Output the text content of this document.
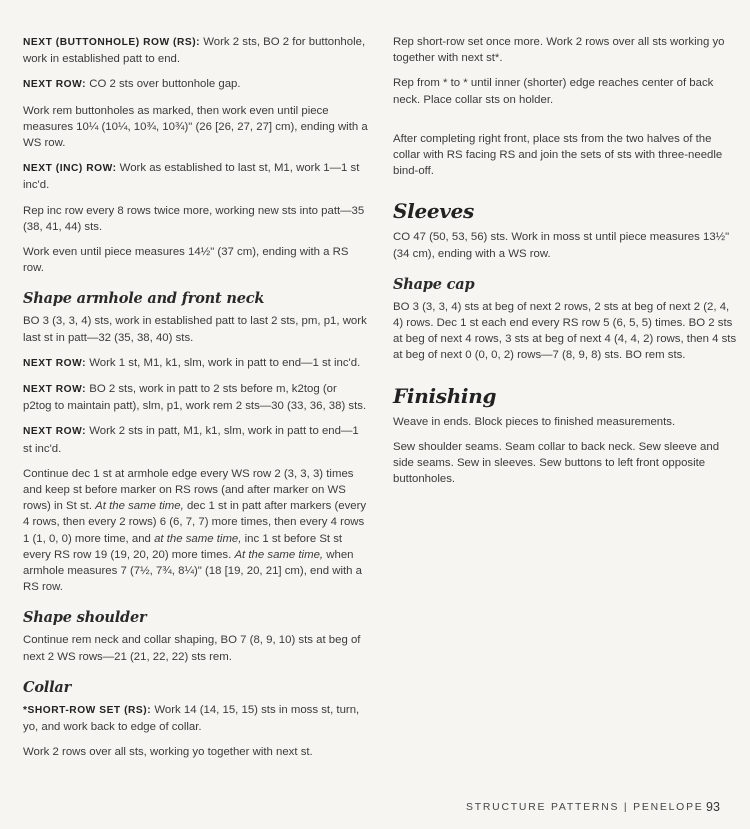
NEXT (BUTTONHOLE) ROW (RS): Work 2 sts, BO 2 for buttonhole, work in established patt to end.

NEXT ROW: CO 2 sts over buttonhole gap.

Work rem buttonholes as marked, then work even until piece measures 10¼ (10¼, 10¾, 10¾)" (26 [26, 27, 27] cm), ending with a WS row.

NEXT (INC) ROW: Work as established to last st, M1, work 1—1 st inc'd.

Rep inc row every 8 rows twice more, working new sts into patt—35 (38, 41, 44) sts.

Work even until piece measures 14½" (37 cm), ending with a RS row.

Shape armhole and front neck

BO 3 (3, 3, 4) sts, work in established patt to last 2 sts, pm, p1, work last st in patt—32 (35, 38, 40) sts.

NEXT ROW: Work 1 st, M1, k1, slm, work in patt to end—1 st inc'd.

NEXT ROW: BO 2 sts, work in patt to 2 sts before m, k2tog (or p2tog to maintain patt), slm, p1, work rem 2 sts—30 (33, 36, 38) sts.

NEXT ROW: Work 2 sts in patt, M1, k1, slm, work in patt to end—1 st inc'd.

Continue dec 1 st at armhole edge every WS row 2 (3, 3, 3) times and keep st before marker on RS rows (and after marker on WS rows) in St st. At the same time, dec 1 st in patt after markers (every 4 rows, then every 2 rows) 6 (6, 7, 7) more times, then every 4 rows 1 (1, 0, 0) more time, and at the same time, inc 1 st before St st every RS row 19 (19, 20, 20) more times. At the same time, when armhole measures 7 (7½, 7¾, 8¼)" (18 [19, 20, 21] cm), end with a RS row.

Shape shoulder

Continue rem neck and collar shaping, BO 7 (8, 9, 10) sts at beg of next 2 WS rows—21 (21, 22, 22) sts rem.

Collar

*SHORT-ROW SET (RS): Work 14 (14, 15, 15) sts in moss st, turn, yo, and work back to edge of collar.

Work 2 rows over all sts, working yo together with next st.

Rep short-row set once more. Work 2 rows over all sts working yo together with next st*.

Rep from * to * until inner (shorter) edge reaches center of back neck. Place collar sts on holder.

After completing right front, place sts from the two halves of the collar with RS facing RS and join the sets of sts with three-needle bind-off.

Sleeves

CO 47 (50, 53, 56) sts. Work in moss st until piece measures 13½" (34 cm), ending with a WS row.

Shape cap

BO 3 (3, 3, 4) sts at beg of next 2 rows, 2 sts at beg of next 2 (2, 4, 4) rows. Dec 1 st each end every RS row 5 (6, 5, 5) times. BO 2 sts at beg of next 4 rows, 3 sts at beg of next 4 (4, 4, 2) rows, then 4 sts at beg of next 0 (0, 0, 2) rows—7 (8, 9, 8) sts. BO rem sts.

Finishing

Weave in ends. Block pieces to finished measurements.

Sew shoulder seams. Seam collar to back neck. Sew sleeve and side seams. Sew in sleeves. Sew buttons to left front opposite buttonholes.

STRUCTURE PATTERNS | PENELOPE 93
